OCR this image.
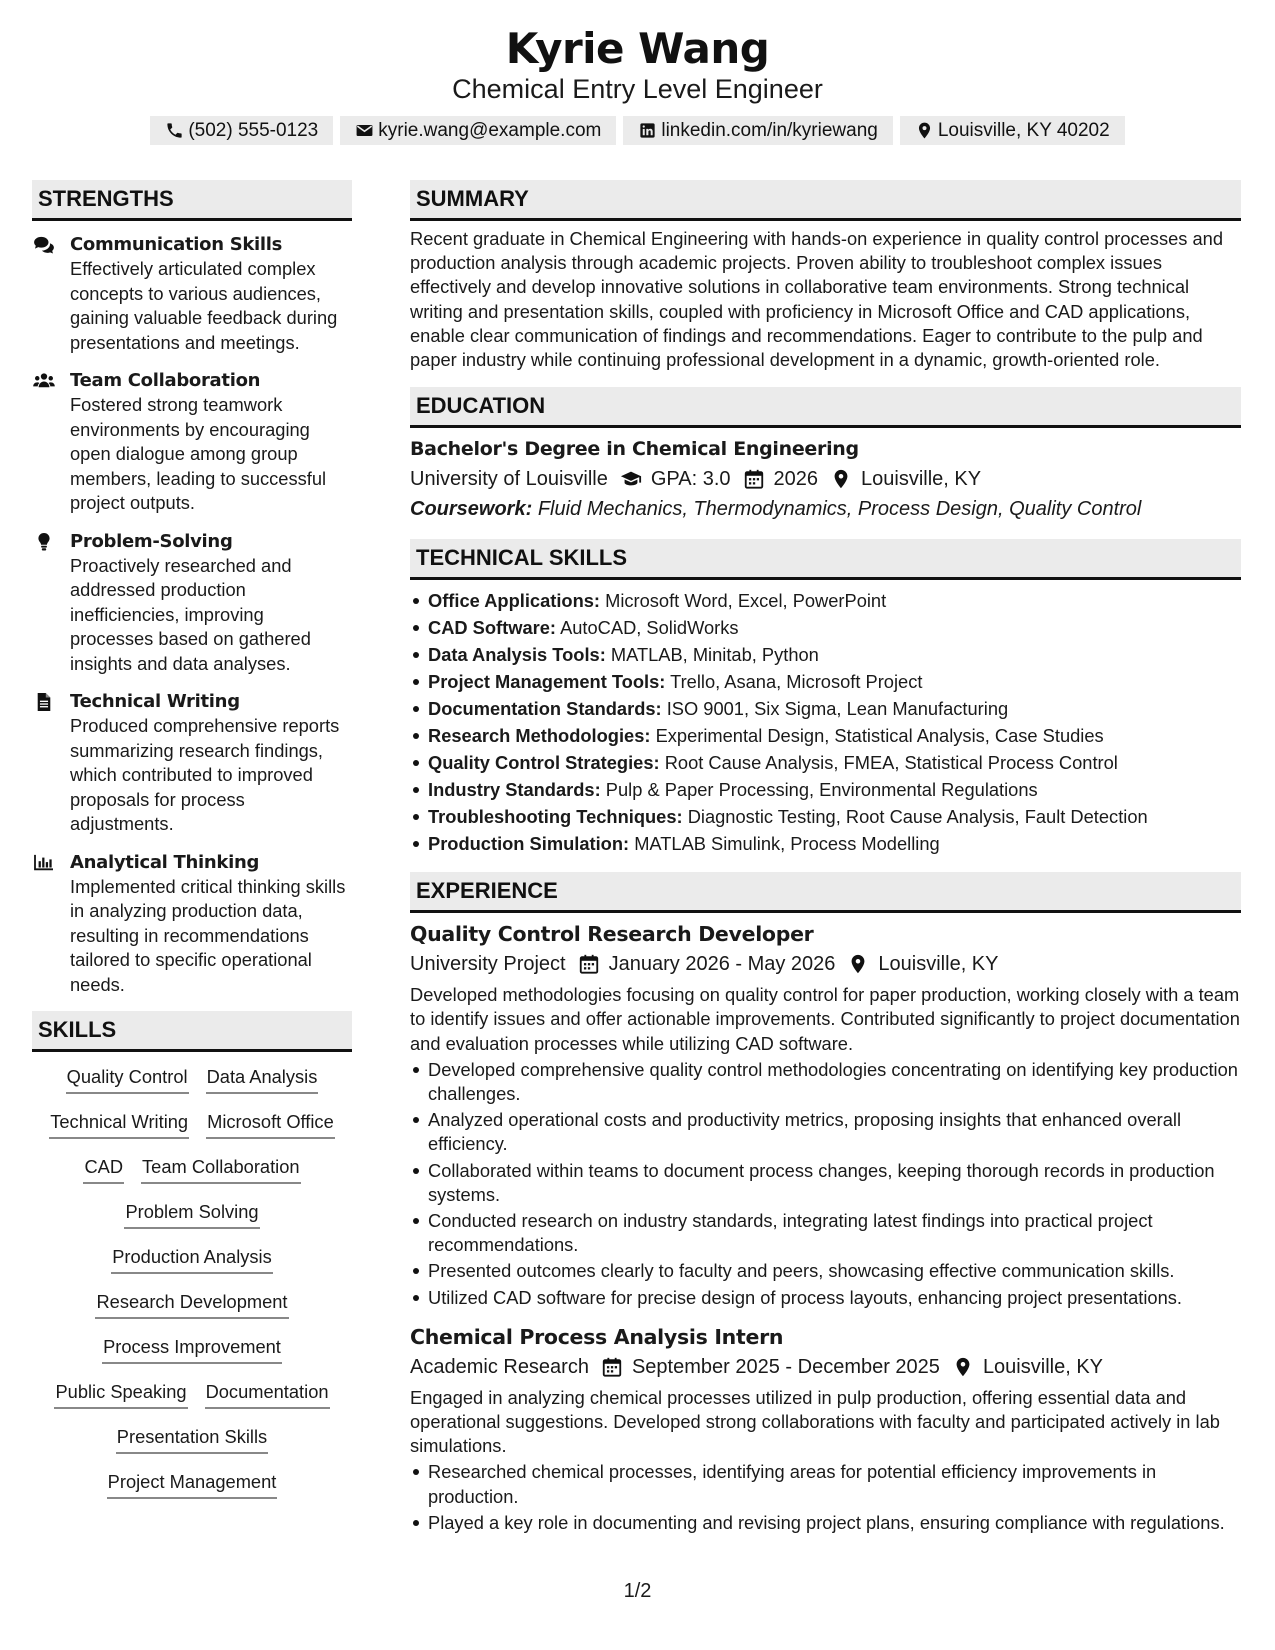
Kyrie Wang
Chemical Entry Level Engineer
(502) 555-0123	kyrie.wang@example.com	linkedin.com/in/kyriewang	Louisville, KY 40202
STRENGTHS
Communication Skills
Effectively articulated complex concepts to various audiences, gaining valuable feedback during presentations and meetings.
Team Collaboration
Fostered strong teamwork environments by encouraging open dialogue among group members, leading to successful project outputs.
Problem-Solving
Proactively researched and addressed production inefficiencies, improving processes based on gathered insights and data analyses.
Technical Writing
Produced comprehensive reports summarizing research findings, which contributed to improved proposals for process adjustments.
Analytical Thinking
Implemented critical thinking skills in analyzing production data, resulting in recommendations tailored to specific operational needs.
SKILLS
Quality Control Data Analysis
Technical Writing Microsoft Office
CAD Team Collaboration
Problem Solving
Production Analysis
Research Development
Process Improvement
Public Speaking Documentation
Presentation Skills
Project Management
SUMMARY

Recent graduate in Chemical Engineering with hands-on experience in quality control processes and production analysis through academic projects. Proven ability to troubleshoot complex issues effectively and develop innovative solutions in collaborative team environments. Strong technical writing and presentation skills, coupled with proficiency in Microsoft Office and CAD applications, enable clear communication of findings and recommendations. Eager to contribute to the pulp and paper industry while continuing professional development in a dynamic, growth-oriented role.

EDUCATION
Bachelor's Degree in Chemical Engineering
University of Louisville GPA: 3.0 2026 Louisville, KY
Coursework: Fluid Mechanics, Thermodynamics, Process Design, Quality Control
TECHNICAL SKILLS
Office Applications: Microsoft Word, Excel, PowerPoint
CAD Software: AutoCAD, SolidWorks
Data Analysis Tools: MATLAB, Minitab, Python
Project Management Tools: Trello, Asana, Microsoft Project
Documentation Standards: ISO 9001, Six Sigma, Lean Manufacturing
Research Methodologies: Experimental Design, Statistical Analysis, Case Studies
Quality Control Strategies: Root Cause Analysis, FMEA, Statistical Process Control
Industry Standards: Pulp & Paper Processing, Environmental Regulations
Troubleshooting Techniques: Diagnostic Testing, Root Cause Analysis, Fault Detection
Production Simulation: MATLAB Simulink, Process Modelling
EXPERIENCE
Quality Control Research Developer
University Project January 2026 - May 2026 Louisville, KY

Developed methodologies focusing on quality control for paper production, working closely with a team to identify issues and offer actionable improvements. Contributed significantly to project documentation and evaluation processes while utilizing CAD software.

Developed comprehensive quality control methodologies concentrating on identifying key production challenges.
Analyzed operational costs and productivity metrics, proposing insights that enhanced overall efficiency.
Collaborated within teams to document process changes, keeping thorough records in production systems.
Conducted research on industry standards, integrating latest findings into practical project recommendations.
Presented outcomes clearly to faculty and peers, showcasing effective communication skills.
Utilized CAD software for precise design of process layouts, enhancing project presentations.
Chemical Process Analysis Intern
Academic Research September 2025 - December 2025 Louisville, KY

Engaged in analyzing chemical processes utilized in pulp production, offering essential data and operational suggestions. Developed strong collaborations with faculty and participated actively in lab simulations.

Researched chemical processes, identifying areas for potential efficiency improvements in production.
Played a key role in documenting and revising project plans, ensuring compliance with regulations.
1/2
